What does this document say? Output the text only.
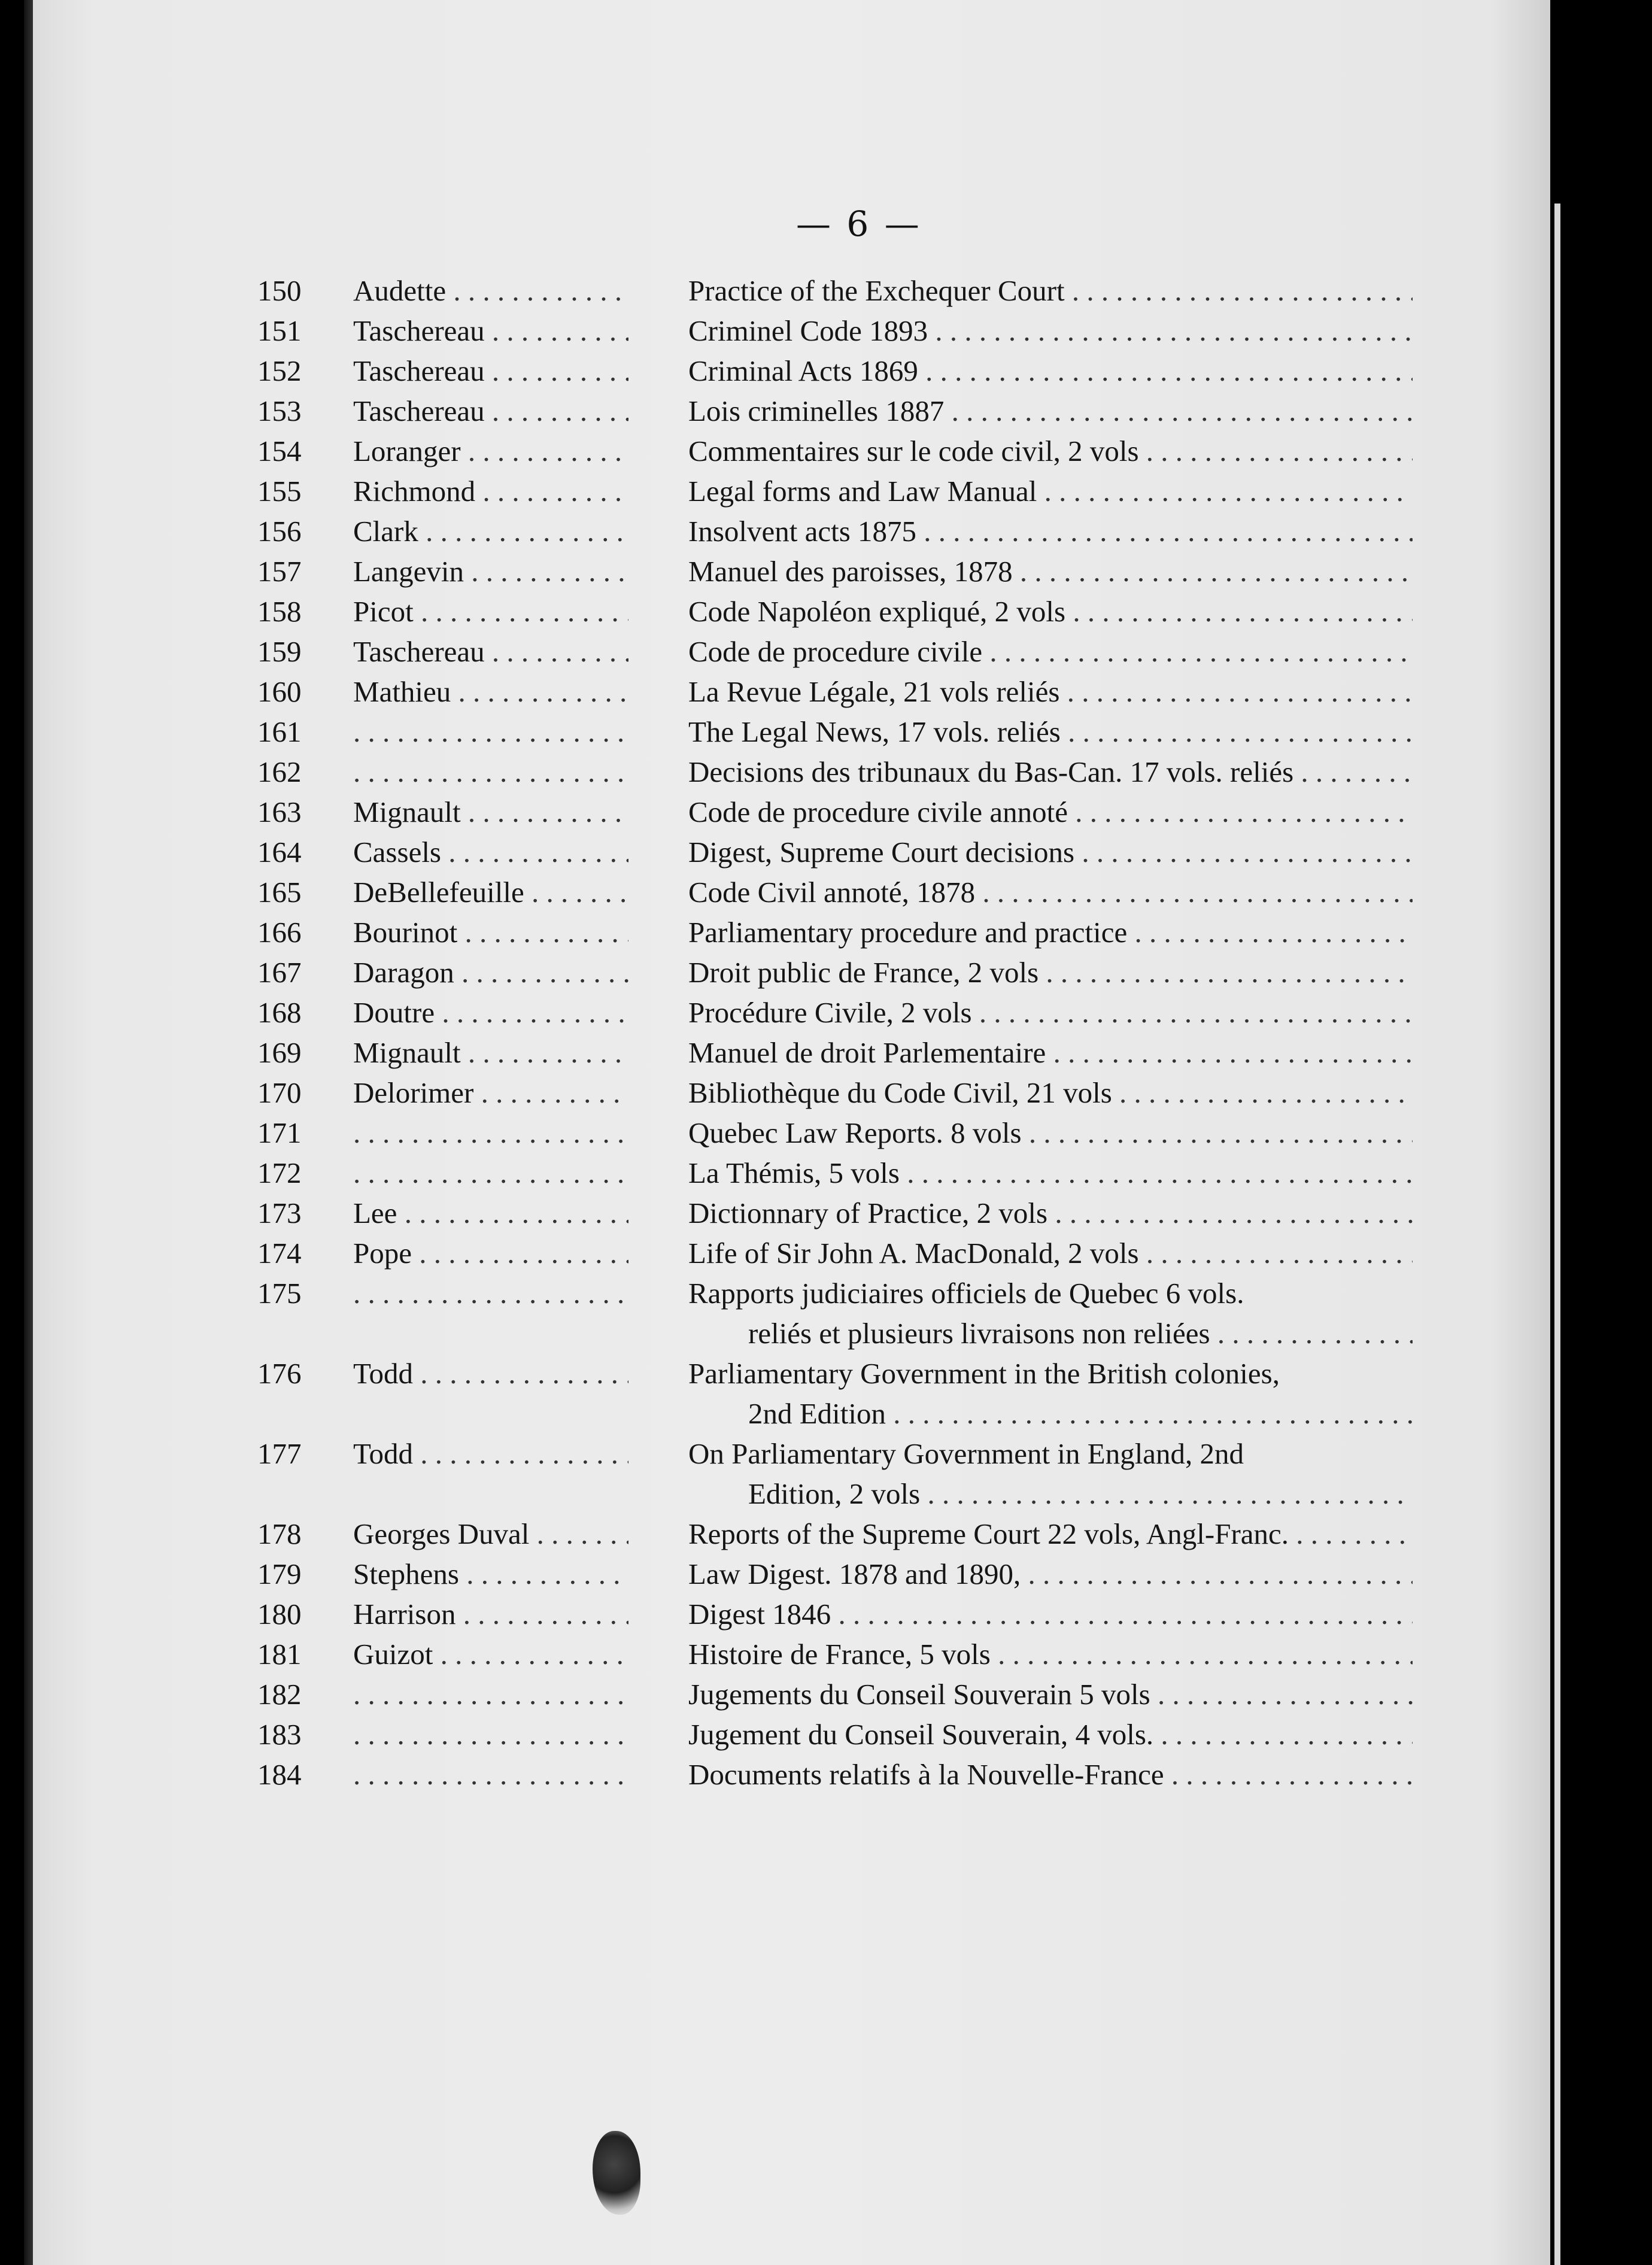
— 6 —
150	Audette . . .	Practice of the Exchequer Court . . .
151	Taschereau . . .	Criminel Code 1893 . . .
152	Taschereau . . .	Criminal Acts 1869 . . .
153	Taschereau . . .	Lois criminelles 1887 . . .
154	Loranger . . .	Commentaires sur le code civil, 2 vols . . .
155	Richmond . . .	Legal forms and Law Manual . . .
156	Clark . . .	Insolvent acts 1875 . . .
157	Langevin . . .	Manuel des paroisses, 1878 . . .
158	Picot . . .	Code Napoléon expliqué, 2 vols . . .
159	Taschereau . . .	Code de procedure civile . . .
160	Mathieu . . .	La Revue Légale, 21 vols reliés . . .
161 . . .	The Legal News, 17 vols. reliés . . .
162 . . .	Decisions des tribunaux du Bas-Can. 17 vols. reliés . . .
163	Mignault . . .	Code de procedure civile annoté . . .
164	Cassels . . .	Digest, Supreme Court decisions . . .
165	DeBellefeuille . . .	Code Civil annoté, 1878 . . .
166	Bourinot . . .	Parliamentary procedure and practice . . .
167	Daragon . . .	Droit public de France, 2 vols . . .
168	Doutre . . .	Procédure Civile, 2 vols . . .
169	Mignault . . .	Manuel de droit Parlementaire . . .
170	Delorimer . . .	Bibliothèque du Code Civil, 21 vols . . .
171 . . .	Quebec Law Reports. 8 vols . . .
172 . . .	La Thémis, 5 vols . . .
173	Lee . . .	Dictionnary of Practice, 2 vols . . .
174	Pope . . .	Life of Sir John A. MacDonald, 2 vols . . .
175 . . .	Rapports judiciaires officiels de Quebec 6 vols.
reliés et plusieurs livraisons non reliées . . .
176	Todd . . .	Parliamentary Government in the British colonies,
2nd Edition . . .
177	Todd . . .	On Parliamentary Government in England, 2nd
Edition, 2 vols . . .
178	Georges Duval . . .	Reports of the Supreme Court 22 vols, Angl-Franc. . . .
179	Stephens . . .	Law Digest. 1878 and 1890, . . .
180	Harrison . . .	Digest 1846 . . .
181	Guizot . . .	Histoire de France, 5 vols . . .
182 . . .	Jugements du Conseil Souverain 5 vols . . .
183 . . .	Jugement du Conseil Souverain, 4 vols. . . .
184 . . .	Documents relatifs à la Nouvelle-France . . .
